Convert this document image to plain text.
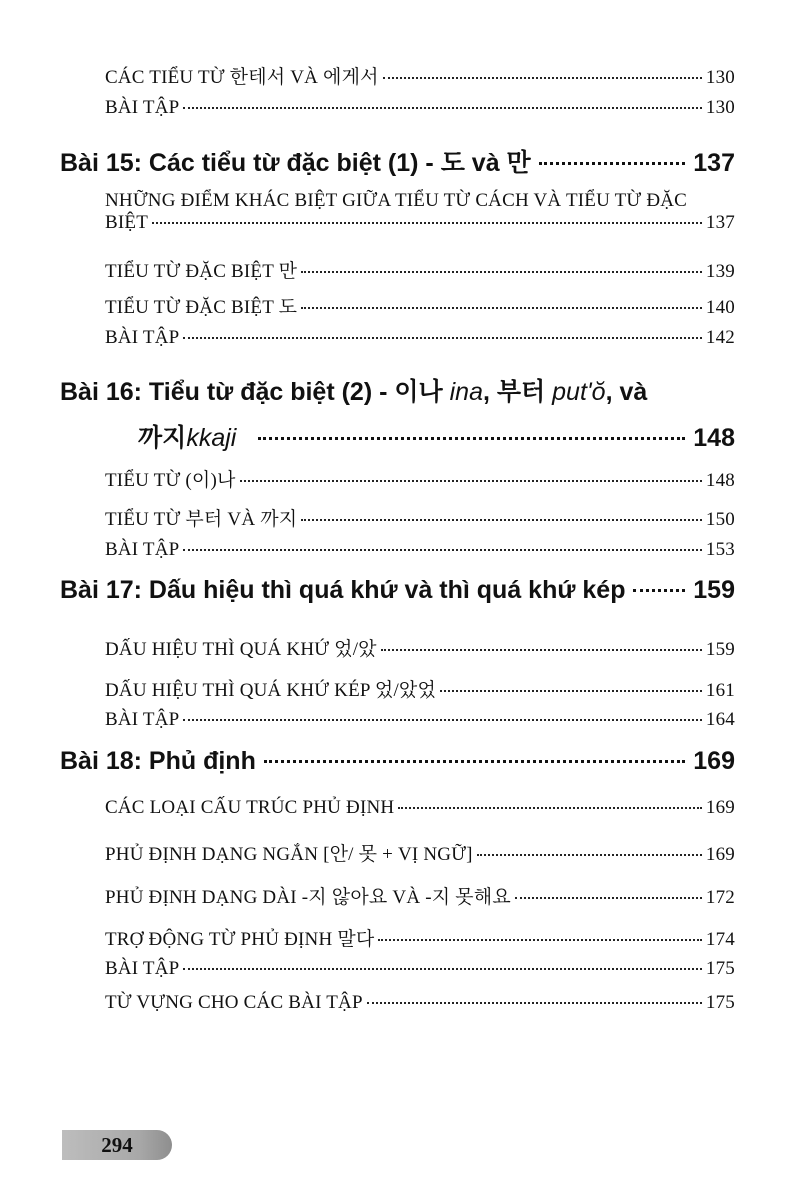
CÁC TIỂU TỪ 한테서 VÀ 에게서	130
BÀI TẬP	130
Bài 15: Các tiểu từ đặc biệt (1) - 도 và 만	137
NHỮNG ĐIỂM KHÁC BIỆT GIỮA TIỂU TỪ CÁCH VÀ TIỂU TỪ ĐẶC
BIỆT	137
TIỂU TỪ ĐẶC BIỆT 만	139
TIỂU TỪ ĐẶC BIỆT 도	140
BÀI TẬP	142
Bài 16: Tiểu từ đặc biệt (2) - 이나 ina, 부터 put'ŏ, và
까지 kkaji	148
TIỂU TỪ (이)나	148
TIỂU TỪ 부터 VÀ 까지	150
BÀI TẬP	153
Bài 17: Dấu hiệu thì quá khứ và thì quá khứ kép	159
DẤU HIỆU THÌ QUÁ KHỨ 었/았	159
DẤU HIỆU THÌ QUÁ KHỨ KÉP 었/았었	161
BÀI TẬP	164
Bài 18: Phủ định	169
CÁC LOẠI CẤU TRÚC PHỦ ĐỊNH	169
PHỦ ĐỊNH DẠNG NGẮN [안/ 못 + VỊ NGỮ]	169
PHỦ ĐỊNH DẠNG DÀI -지 않아요 VÀ -지 못해요	172
TRỢ ĐỘNG TỪ PHỦ ĐỊNH 말다	174
BÀI TẬP	175
TỪ VỰNG CHO CÁC BÀI TẬP	175
294
